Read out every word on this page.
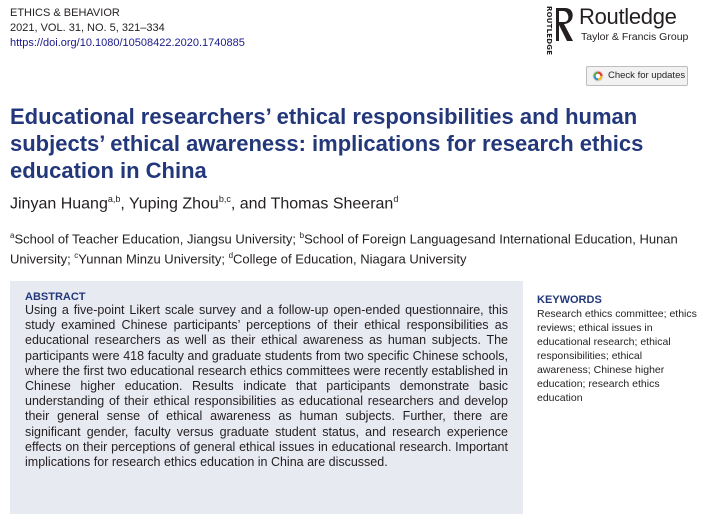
ETHICS & BEHAVIOR
2021, VOL. 31, NO. 5, 321–334
https://doi.org/10.1080/10508422.2020.1740885	ROUTLEDGE Routledge
Taylor & Francis Group
Check for updates
Educational researchers’ ethical responsibilities and human subjects’ ethical awareness: implications for research ethics education in China
Jinyan Huang$^{a,b}$, Yuping Zhou$^{b,c}$, and Thomas Sheeran$^d$
$^a$School of Teacher Education, Jiangsu University; $^b$School of Foreign Languagesand International Education, Hunan University; $^c$Yunnan Minzu University; $^d$College of Education, Niagara University

ABSTRACT

Using a five-point Likert scale survey and a follow-up open-ended questionnaire, this study examined Chinese participants’ perceptions of their ethical responsibilities as educational researchers as well as their ethical awareness as human subjects. The participants were 418 faculty and graduate students from two specific Chinese schools, where the first two educational research ethics committees were recently established in Chinese higher education. Results indicate that participants demonstrate basic understanding of their ethical responsibilities as educational researchers and develop their general sense of ethical awareness as human subjects. Further, there are significant gender, faculty versus graduate student status, and research experience effects on their perceptions of general ethical issues in educational research. Important implications for research ethics education in China are discussed.

KEYWORDS

Research ethics committee; ethics reviews; ethical issues in educational research; ethical responsibilities; ethical awareness; Chinese higher education; research ethics education
